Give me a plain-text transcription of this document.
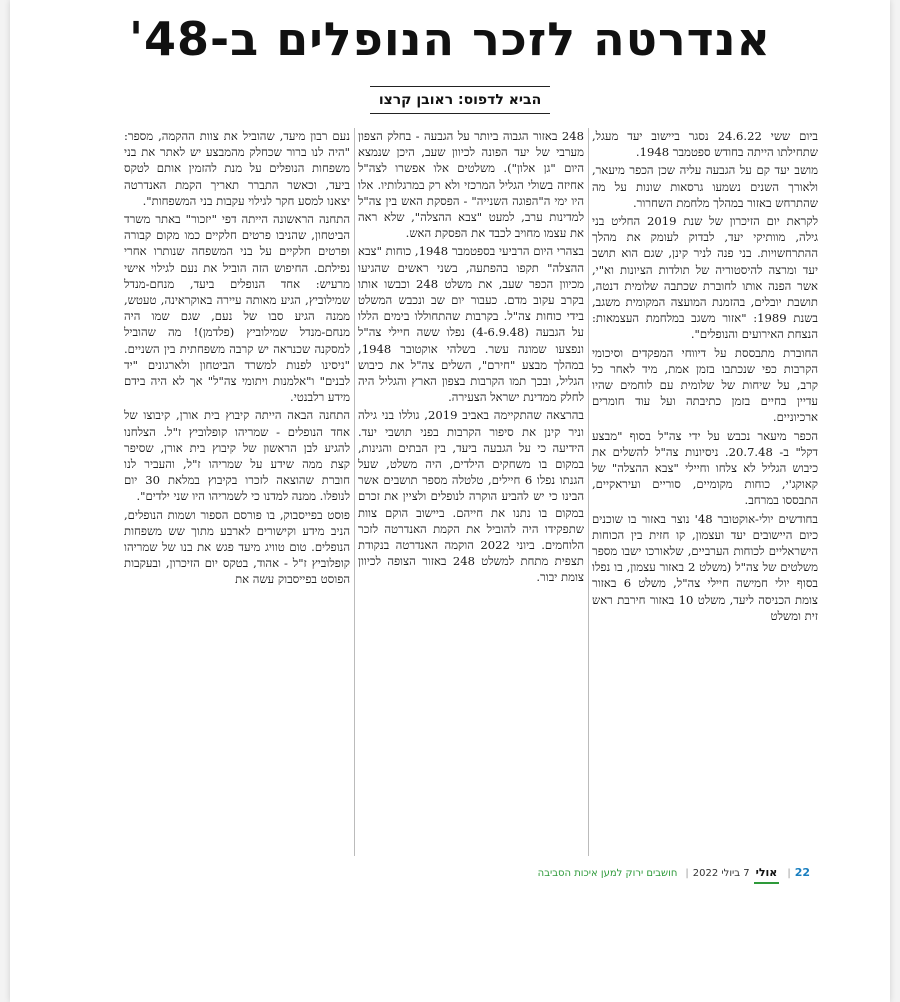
אנדרטה לזכר הנופלים ב-48'
הביא לדפוס: ראובן קרצו

ביום ששי 24.6.22 נסגר ביישוב יעד מעגל, שתחילתו הייתה בחודש ספטמבר 1948.

מושב יעד קם על הגבעה עליה שכן הכפר מיעאר, ולאורך השנים נשמעו גרסאות שונות על מה שהתרחש באזור במהלך מלחמת השחרור.

לקראת יום הזיכרון של שנת 2019 החליט בני גילה, מוותיקי יעד, לבדוק לעומק את מהלך ההתרחשויות. בני פנה לניר קינן, שגם הוא תושב יעד ומרצה להיסטוריה של תולדות הציונות וא"י, אשר הפנה אותו לחוברת שכתבה שלומית דנטה, תושבת יובלים, בהזמנת המועצה המקומית משגב, בשנת 1989: "אזור משגב במלחמת העצמאות: הנצחת האירועים והנופלים".

החוברת מתבססת על דיווחי המפקדים וסיכומי הקרבות כפי שנכתבו בזמן אמת, מיד לאחר כל קרב, על שיחות של שלומית עם לוחמים שהיו עדיין בחיים בזמן כתיבתה ועל עוד חומרים ארכיוניים.

הכפר מיעאר נכבש על ידי צה"ל בסוף "מבצע דקל" ב- 20.7.48. ניסיונות צה"ל להשלים את כיבוש הגליל לא צלחו וחיילי "צבא ההצלה" של קאוקג'י, כוחות מקומיים, סוריים ועיראקיים, התבססו במרחב.

בחודשים יולי-אוקטובר 48' נוצר באזור בו שוכנים כיום היישובים יעד ועצמון, קו חזית בין הכוחות הישראליים לכוחות הערביים, שלאורכו ישבו מספר משלטים של צה"ל (משלט 2 באזור עצמון, בו נפלו בסוף יולי חמישה חיילי צה"ל, משלט 6 באזור צומת הכניסה ליעד, משלט 10 באזור חירבת ראש זית ומשלט

248 באזור הגבוה ביותר על הגבעה - בחלק הצפון מערבי של יעד הפונה לכיוון שעב, היכן שנמצא היום "גן אלון"). משלטים אלו אפשרו לצה"ל אחיזה בשולי הגליל המרכזי ולא רק במרגלותיו. אלו היו ימי ה"הפוגה השנייה" - הפסקת האש בין צה"ל למדינות ערב, למעט "צבא ההצלה", שלא ראה את עצמו מחויב לכבד את הפסקת האש.

בצהרי היום הרביעי בספטמבר 1948, כוחות "צבא ההצלה" תקפו בהפתעה, בשני ראשים שהגיעו מכיוון הכפר שעב, את משלט 248 וכבשו אותו בקרב עקוב מדם. כעבור יום שב ונכבש המשלט בידי כוחות צה"ל. בקרבות שהתחוללו בימים הללו על הגבעה (4-6.9.48) נפלו ששה חיילי צה"ל ונפצעו שמונה עשר. בשלהי אוקטובר 1948, במהלך מבצע "חירם", השלים צה"ל את כיבוש הגליל, ובכך תמו הקרבות בצפון הארץ והגליל היה לחלק ממדינת ישראל הצעירה.

בהרצאה שהתקיימה באביב 2019, גוללו בני גילה וניר קינן את סיפור הקרבות בפני תושבי יעד. הידיעה כי על הגבעה ביעד, בין הבתים והגינות, במקום בו משחקים הילדים, היה משלט, שעל הגנתו נפלו 6 חיילים, טלטלה מספר תושבים אשר הבינו כי יש להביע הוקרה לנופלים ולציין את זכרם במקום בו נתנו את חייהם. ביישוב הוקם צוות שתפקידו היה להוביל את הקמת האנדרטה לזכר הלוחמים. ביוני 2022 הוקמה האנדרטה בנקודת תצפית מתחת למשלט 248 באזור הצופה לכיוון צומת יבור.

נעם רבון מיעד, שהוביל את צוות ההקמה, מספר: "היה לנו ברור שכחלק מהמבצע יש לאתר את בני משפחות הנופלים על מנת להזמין אותם לטקס ביעד, וכאשר התברר תאריך הקמת האנדרטה יצאנו למסע חקר לגילוי עקבות בני המשפחות".

התחנה הראשונה הייתה דפי "יזכור" באתר משרד הביטחון, שהניבו פרטים חלקיים כמו מקום קבורה ופרטים חלקיים על בני המשפחה שנותרו אחרי נפילתם. החיפוש הזה הוביל את נעם לגילוי אישי מרעיש: אחד הנופלים ביעד, מנחם-מנדל שמילוביץ, הגיע מאותה עיירה באוקראינה, טעטש, ממנה הגיע סבו של נעם, שגם שמו היה מנחם-מנדל שמילוביץ (פלדמן)! מה שהוביל למסקנה שכנראה יש קרבה משפחתית בין השניים. "ניסינו לפנות למשרד הביטחון ולארגונים "יד לבנים" ו"אלמנות ויתומי צה"ל" אך לא היה בידם מידע רלבנטי.

התחנה הבאה הייתה קיבוץ בית אורן, קיבוצו של אחד הנופלים - שמריהו קופלוביץ ז"ל. הצלחנו להגיע לבן הראשון של קיבוץ בית אורן, שסיפר קצת ממה שידע על שמריהו ז"ל, והעביר לנו חוברת שהוצאה לזכרו בקיבוץ במלאת 30 יום לנופלו. ממנה למדנו כי לשמריהו היו שני ילדים".

פוסט בפייסבוק, בו פורסם הספור ושמות הנופלים, הניב מידע וקישורים לארבע מתוך שש משפחות הנופלים. טום טוויג מיעד פגש את בנו של שמריהו קופלוביץ ז"ל - אהוד, בטקס יום הזיכרון, ובעקבות הפוסט בפייסבוק עשה את

22|אולי7 ביולי 2022|חושבים ירוק למען איכות הסביבה
